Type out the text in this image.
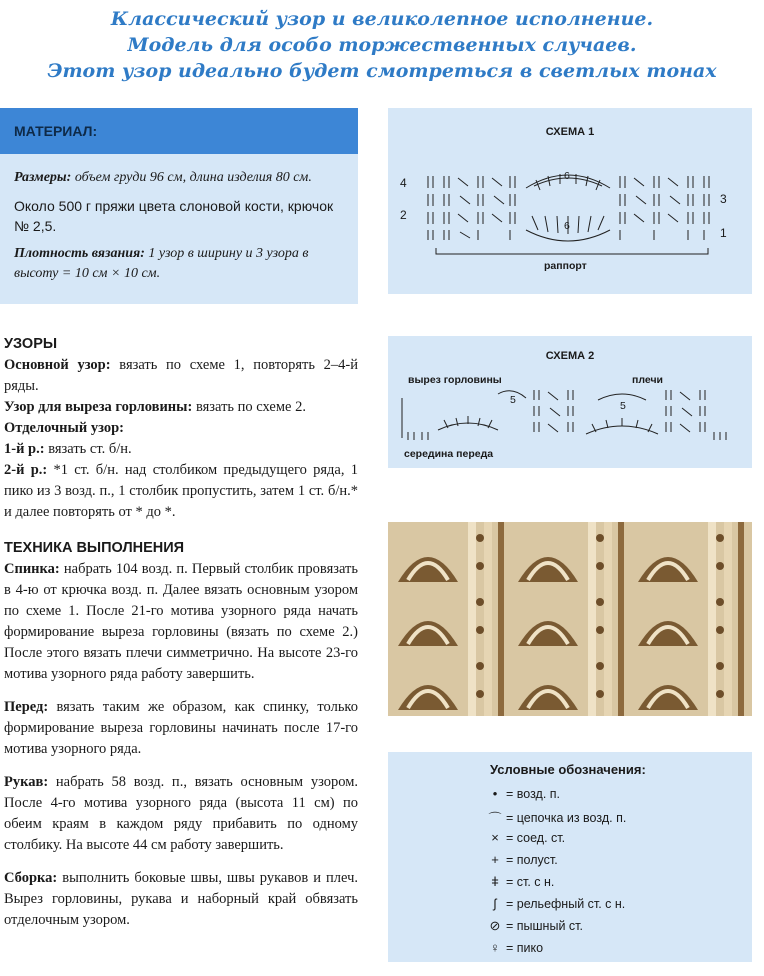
Классический узор и великолепное исполнение.
Модель для особо торжественных случаев.
Этот узор идеально будет смотреться в светлых тонах
МАТЕРИАЛ:

Размеры: объем груди 96 см, длина изделия 80 см.

Около 500 г пряжи цвета слоновой кости, крючок № 2,5.

Плотность вязания: 1 узор в ширину и 3 узора в высоту = 10 см × 10 см.

УЗОРЫ

Основной узор: вязать по схеме 1, повторять 2–4-й ряды.

Узор для выреза горловины: вязать по схеме 2.

Отделочный узор:

1-й р.: вязать ст. б/н.

2-й р.: *1 ст. б/н. над столбиком предыдущего ряда, 1 пико из 3 возд. п., 1 столбик пропустить, затем 1 ст. б/н.* и далее повторять от * до *.

ТЕХНИКА ВЫПОЛНЕНИЯ

Спинка: набрать 104 возд. п. Первый столбик провязать в 4-ю от крючка возд. п. Далее вязать основным узором по схеме 1. После 21-го мотива узорного ряда начать формирование выреза горловины (вязать по схеме 2.) После этого вязать плечи симметрично. На высоте 23-го мотива узорного ряда работу завершить.

Перед: вязать таким же образом, как спинку, только формирование выреза горловины начинать после 17-го мотива узорного ряда.

Рукав: набрать 58 возд. п., вязать основным узором. После 4-го мотива узорного ряда (высота 11 см) по обеим краям в каждом ряду прибавить по одному столбику. На высоте 44 см работу завершить.

Сборка: выполнить боковые швы, швы рукавов и плеч. Вырез горловины, рукава и наборный край обвязать отделочным узором.

СХЕМА 1
4
2
3
1
6
6
раппорт
СХЕМА 2
вырез горловины	плечи
середина переда
5	5
Условные обозначения:
• = возд. п.
⌒ = цепочка из возд. п.
× = соед. ст.
+ = полуст.
ǂ = ст. с н.
ʃ = рельефный ст. с н.
⊘ = пышный ст.
♀ = пико
